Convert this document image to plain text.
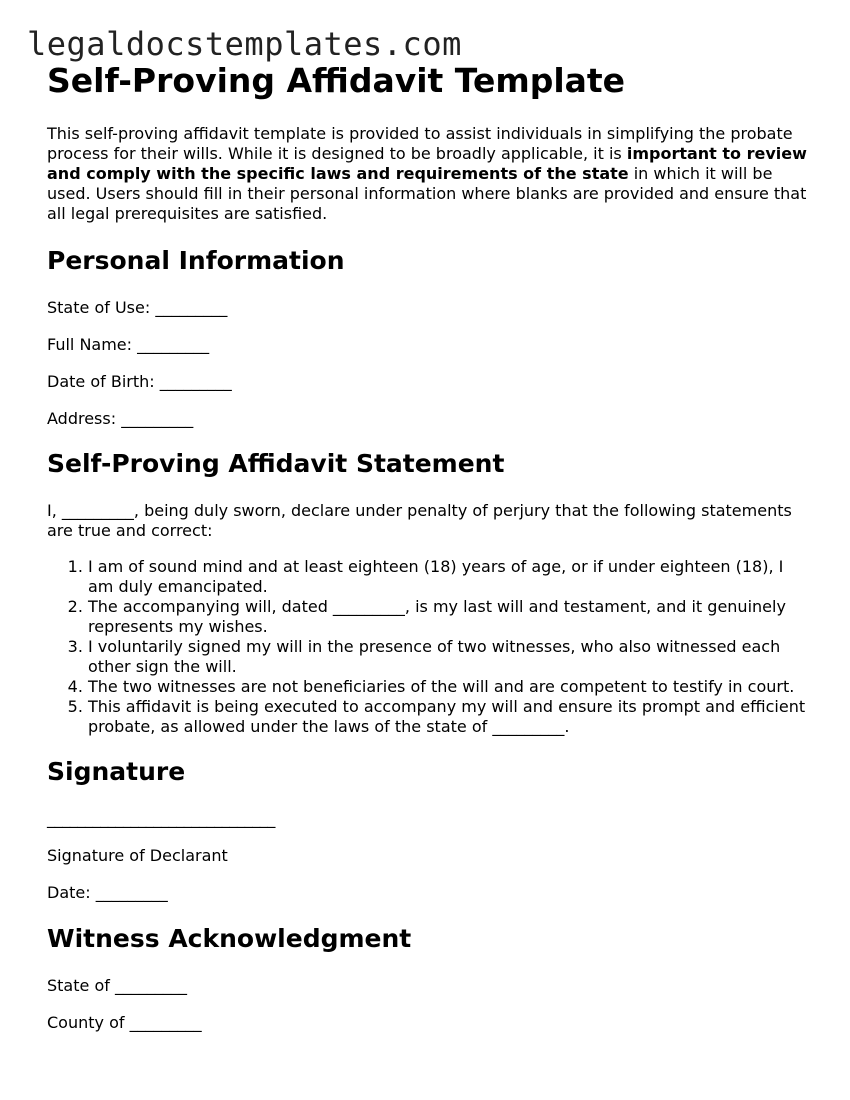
legaldocstemplates.com
Self-Proving Affidavit Template

This self-proving affidavit template is provided to assist individuals in simplifying the probate process for their wills. While it is designed to be broadly applicable, it is important to review and comply with the specific laws and requirements of the state in which it will be used. Users should fill in their personal information where blanks are provided and ensure that all legal prerequisites are satisfied.

Personal Information

State of Use: _________

Full Name: _________

Date of Birth: _________

Address: _________

Self-Proving Affidavit Statement

I, _________, being duly sworn, declare under penalty of perjury that the following statements are true and correct:

1. I am of sound mind and at least eighteen (18) years of age, or if under eighteen (18), I am duly emancipated.
2. The accompanying will, dated _________, is my last will and testament, and it genuinely represents my wishes.
3. I voluntarily signed my will in the presence of two witnesses, who also witnessed each other sign the will.
4. The two witnesses are not beneficiaries of the will and are competent to testify in court.
5. This affidavit is being executed to accompany my will and ensure its prompt and efficient probate, as allowed under the laws of the state of _________.
Signature

______________________________

Signature of Declarant

Date: _________

Witness Acknowledgment

State of _________

County of _________
